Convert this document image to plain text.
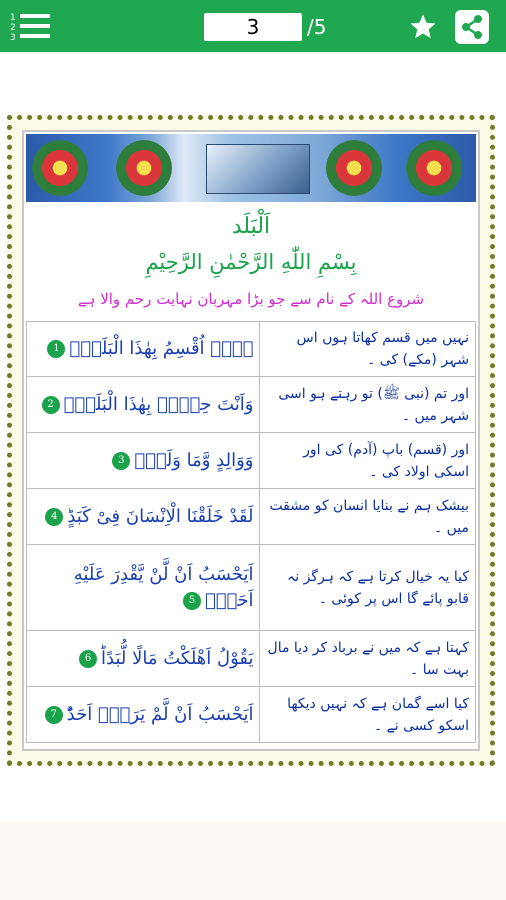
1
2
3	3	/5
اَلْبَلَد
بِسْمِ اللّٰهِ الرَّحْمٰنِ الرَّحِيْمِ
شروع اللہ کے نام سے جو بڑا مہربان نہایت رحم والا ہے
لَاۤ اُقْسِمُ بِهٰذَا الْبَلَدِۙ1	نہیں میں قسم کھاتا ہوں اس شہر (مکے) کی ۔
وَاَنْتَ حِلٌّۢ بِهٰذَا الْبَلَدِۙ2	اور تم (نبی ﷺ) تو رہتے ہو اسی شہر میں ۔
وَوَالِدٍ وَّمَا وَلَدَۙ3	اور (قسم) باپ (آدم) کی اور اسکی اولاد کی ۔
لَقَدْ خَلَقْنَا الْاِنْسَانَ فِیْ كَبَدٍؕ4	بیشک ہم نے بنایا انسان کو مشقت میں ۔
اَیَحْسَبُ اَنْ لَّنْ یَّقْدِرَ عَلَیْهِ اَحَدٌۘ5	کیا یہ خیال کرتا ہے کہ ہرگز نہ قابو پائے گا اس پر کوئی ۔
یَقُوْلُ اَهْلَكْتُ مَالًا لُّبَدًاؕ6	کہتا ہے کہ میں نے برباد کر دیا مال بہت سا ۔
اَیَحْسَبُ اَنْ لَّمْ یَرَهٗۤ اَحَدٌؕ7	کیا اسے گمان ہے کہ نہیں دیکھا اسکو کسی نے ۔
